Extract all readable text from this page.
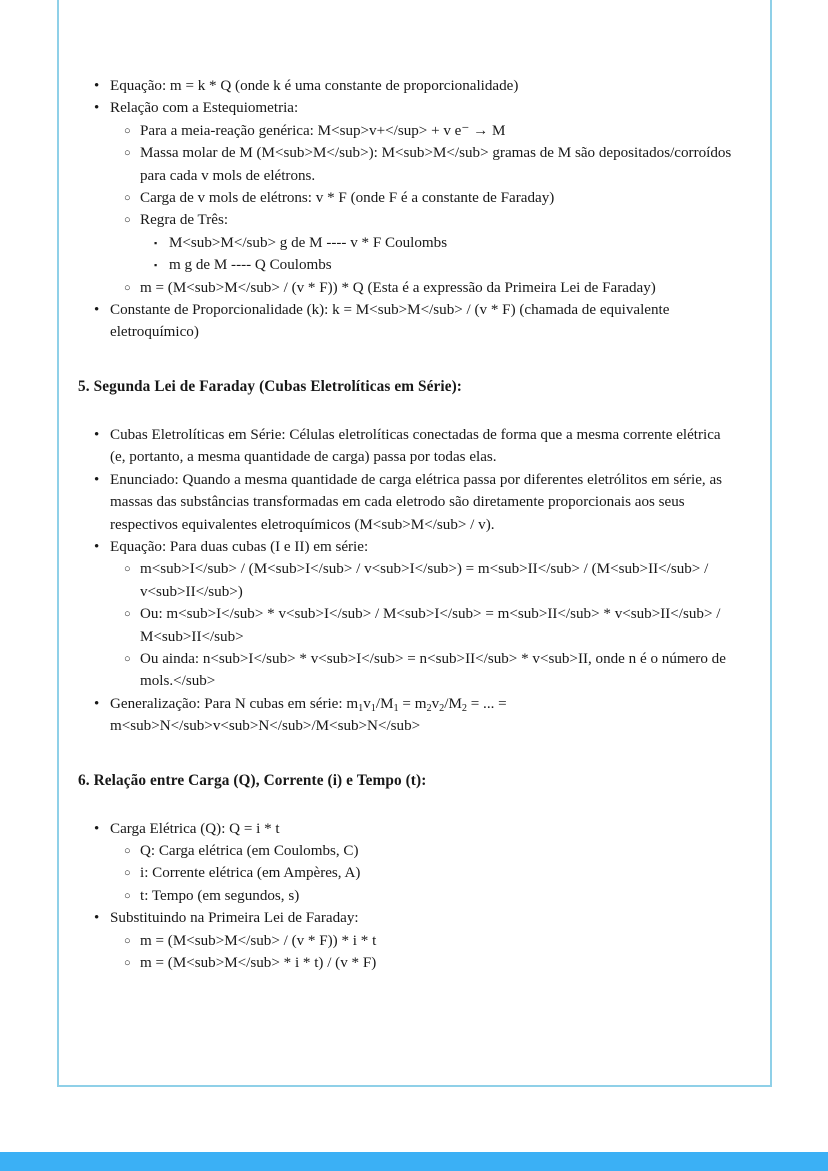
• Equação: m = k * Q (onde k é uma constante de proporcionalidade)
• Relação com a Estequiometria:
○ Para a meia-reação genérica: M<sup>v+</sup> + v e⁻ → M
○ Massa molar de M (M<sub>M</sub>): M<sub>M</sub> gramas de M são depositados/corroídos para cada v mols de elétrons.
○ Carga de v mols de elétrons: v * F (onde F é a constante de Faraday)
○ Regra de Três:
▪ M<sub>M</sub> g de M ---- v * F Coulombs
▪ m g de M ---- Q Coulombs
○ m = (M<sub>M</sub> / (v * F)) * Q (Esta é a expressão da Primeira Lei de Faraday)
• Constante de Proporcionalidade (k): k = M<sub>M</sub> / (v * F) (chamada de equivalente eletroquímico)
5. Segunda Lei de Faraday (Cubas Eletrolíticas em Série):
• Cubas Eletrolíticas em Série: Células eletrolíticas conectadas de forma que a mesma corrente elétrica (e, portanto, a mesma quantidade de carga) passa por todas elas.
• Enunciado: Quando a mesma quantidade de carga elétrica passa por diferentes eletrólitos em série, as massas das substâncias transformadas em cada eletrodo são diretamente proporcionais aos seus respectivos equivalentes eletroquímicos (M<sub>M</sub> / v).
• Equação: Para duas cubas (I e II) em série:
○ m<sub>I</sub> / (M<sub>I</sub> / v<sub>I</sub>) = m<sub>II</sub> / (M<sub>II</sub> / v<sub>II</sub>)
○ Ou: m<sub>I</sub> * v<sub>I</sub> / M<sub>I</sub> = m<sub>II</sub> * v<sub>II</sub> / M<sub>II</sub>
○ Ou ainda: n<sub>I</sub> * v<sub>I</sub> = n<sub>II</sub> * v<sub>II, onde n é o número de mols.</sub>
• Generalização: Para N cubas em série: $m_1v_1/M_1 = m_2v_2/M_2$ = ... = m<sub>N</sub>v<sub>N</sub>/M<sub>N</sub>
6. Relação entre Carga (Q), Corrente (i) e Tempo (t):
• Carga Elétrica (Q): Q = i * t
○ Q: Carga elétrica (em Coulombs, C)
○ i: Corrente elétrica (em Ampères, A)
○ t: Tempo (em segundos, s)
• Substituindo na Primeira Lei de Faraday:
○ m = (M<sub>M</sub> / (v * F)) * i * t
○ m = (M<sub>M</sub> * i * t) / (v * F)
